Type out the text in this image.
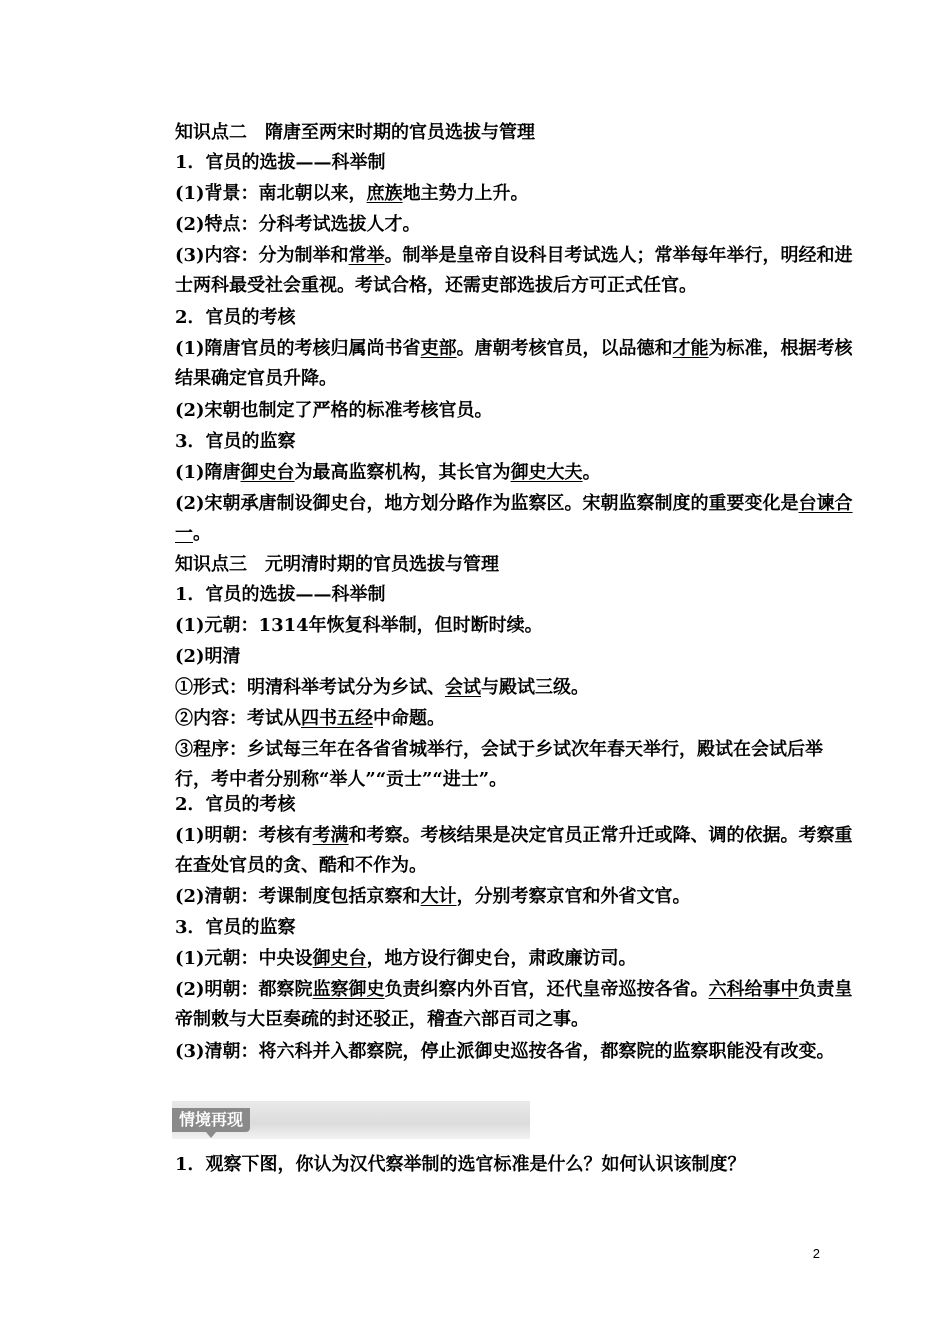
知识点二　隋唐至两宋时期的官员选拔与管理
1．官员的选拔——科举制
(1)背景：南北朝以来，庶族地主势力上升。
(2)特点：分科考试选拔人才。
(3)内容：分为制举和常举。制举是皇帝自设科目考试选人；常举每年举行，明经和进士两科最受社会重视。考试合格，还需吏部选拔后方可正式任官。
2．官员的考核
(1)隋唐官员的考核归属尚书省吏部。唐朝考核官员，以品德和才能为标准，根据考核结果确定官员升降。
(2)宋朝也制定了严格的标准考核官员。
3．官员的监察
(1)隋唐御史台为最高监察机构，其长官为御史大夫。
(2)宋朝承唐制设御史台，地方划分路作为监察区。宋朝监察制度的重要变化是台谏合一。
知识点三　元明清时期的官员选拔与管理
1．官员的选拔——科举制
(1)元朝：1314年恢复科举制，但时断时续。
(2)明清
①形式：明清科举考试分为乡试、会试与殿试三级。
②内容：考试从四书五经中命题。
③程序：乡试每三年在各省省城举行，会试于乡试次年春天举行，殿试在会试后举行，考中者分别称“举人”“贡士”“进士”。
2．官员的考核
(1)明朝：考核有考满和考察。考核结果是决定官员正常升迁或降、调的依据。考察重在查处官员的贪、酷和不作为。
(2)清朝：考课制度包括京察和大计，分别考察京官和外省文官。
3．官员的监察
(1)元朝：中央设御史台，地方设行御史台，肃政廉访司。
(2)明朝：都察院监察御史负责纠察内外百官，还代皇帝巡按各省。六科给事中负责皇帝制敕与大臣奏疏的封还驳正，稽查六部百司之事。
(3)清朝：将六科并入都察院，停止派御史巡按各省，都察院的监察职能没有改变。
情境再现
1．观察下图，你认为汉代察举制的选官标准是什么？如何认识该制度？
2
